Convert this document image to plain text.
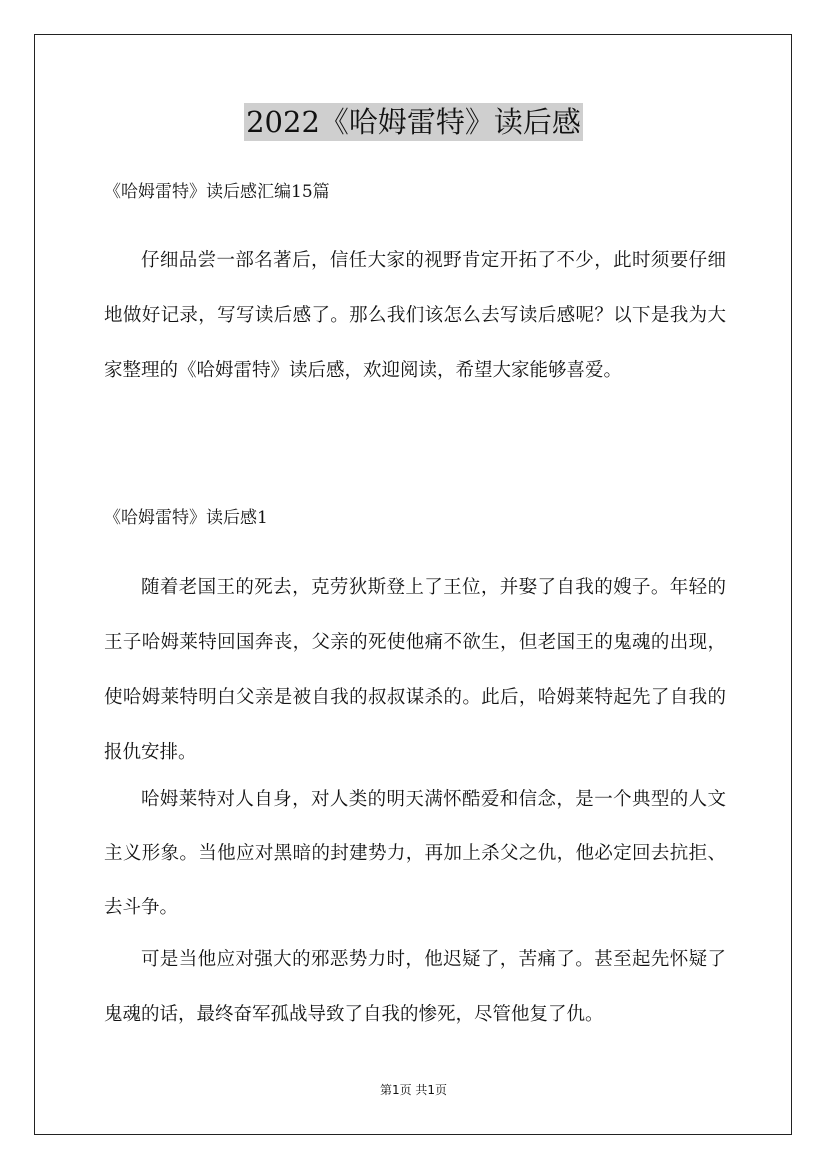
2022《哈姆雷特》读后感
《哈姆雷特》读后感汇编15篇

仔细品尝一部名著后，信任大家的视野肯定开拓了不少，此时须要仔细地做好记录，写写读后感了。那么我们该怎么去写读后感呢？以下是我为大家整理的《哈姆雷特》读后感，欢迎阅读，希望大家能够喜爱。

《哈姆雷特》读后感1

随着老国王的死去，克劳狄斯登上了王位，并娶了自我的嫂子。年轻的王子哈姆莱特回国奔丧，父亲的死使他痛不欲生，但老国王的鬼魂的出现，使哈姆莱特明白父亲是被自我的叔叔谋杀的。此后，哈姆莱特起先了自我的报仇安排。

哈姆莱特对人自身，对人类的明天满怀酷爱和信念，是一个典型的人文主义形象。当他应对黑暗的封建势力，再加上杀父之仇，他必定回去抗拒、去斗争。

可是当他应对强大的邪恶势力时，他迟疑了，苦痛了。甚至起先怀疑了鬼魂的话，最终奋军孤战导致了自我的惨死，尽管他复了仇。

第1页 共1页
